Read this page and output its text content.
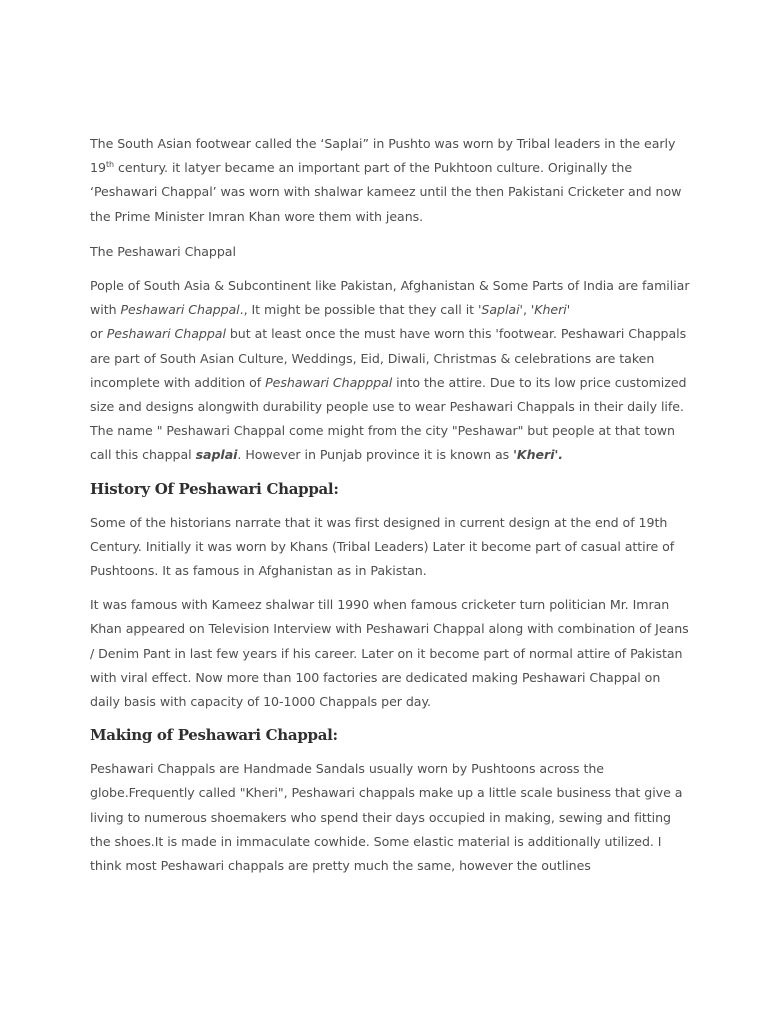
The South Asian footwear called the ‘Saplai” in Pushto was worn by Tribal leaders in the early 19th century. it latyer became an important part of the Pukhtoon culture. Originally the ‘Peshawari Chappal’ was worn with shalwar kameez until the then Pakistani Cricketer and now the Prime Minister Imran Khan wore them with jeans.

The Peshawari Chappal

Pople of South Asia & Subcontinent like Pakistan, Afghanistan & Some Parts of India are familiar with Peshawari Chappal., It might be possible that they call it 'Saplai', 'Kheri'
or Peshawari Chappal but at least once the must have worn this 'footwear. Peshawari Chappals are part of South Asian Culture, Weddings, Eid, Diwali, Christmas & celebrations are taken incomplete with addition of Peshawari Chapppal into the attire. Due to its low price customized size and designs alongwith durability people use to wear Peshawari Chappals in their daily life. The name " Peshawari Chappal come might from the city "Peshawar" but people at that town call this chappal saplai. However in Punjab province it is known as 'Kheri'.

History Of Peshawari Chappal:

Some of the historians narrate that it was first designed in current design at the end of 19th Century. Initially it was worn by Khans (Tribal Leaders) Later it become part of casual attire of Pushtoons. It as famous in Afghanistan as in Pakistan.

It was famous with Kameez shalwar till 1990 when famous cricketer turn politician Mr. Imran Khan appeared on Television Interview with Peshawari Chappal along with combination of Jeans / Denim Pant in last few years if his career. Later on it become part of normal attire of Pakistan with viral effect. Now more than 100 factories are dedicated making Peshawari Chappal on daily basis with capacity of 10-1000 Chappals per day.

Making of Peshawari Chappal:

Peshawari Chappals are Handmade Sandals usually worn by Pushtoons across the globe.Frequently called "Kheri", Peshawari chappals make up a little scale business that give a living to numerous shoemakers who spend their days occupied in making, sewing and fitting the shoes.It is made in immaculate cowhide. Some elastic material is additionally utilized. I think most Peshawari chappals are pretty much the same, however the outlines
